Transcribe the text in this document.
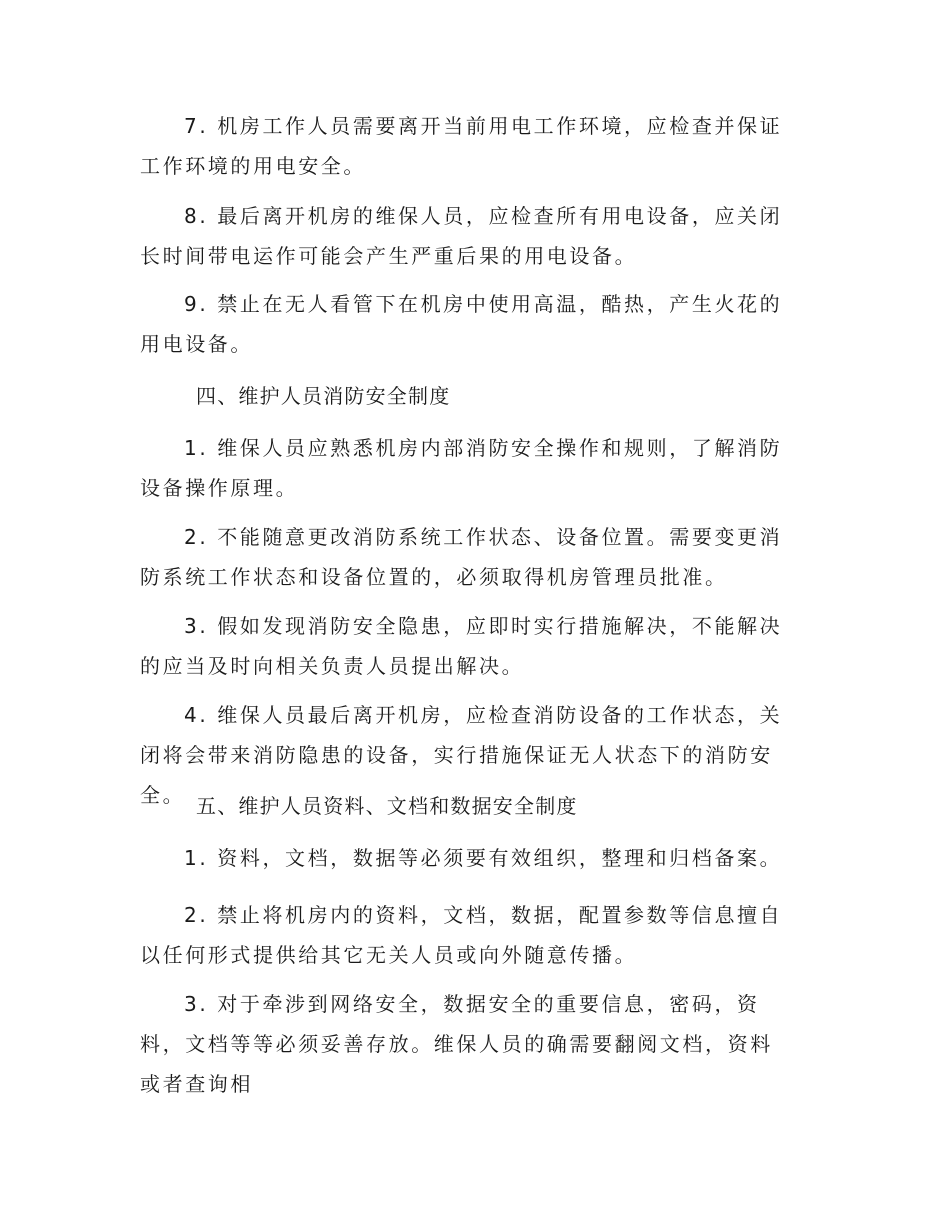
7. 机房工作人员需要离开当前用电工作环境，应检查并保证工作环境的用电安全。

8. 最后离开机房的维保人员，应检查所有用电设备，应关闭长时间带电运作可能会产生严重后果的用电设备。

9. 禁止在无人看管下在机房中使用高温，酷热，产生火花的用电设备。

四、维护人员消防安全制度

1. 维保人员应熟悉机房内部消防安全操作和规则，了解消防设备操作原理。

2. 不能随意更改消防系统工作状态、设备位置。需要变更消防系统工作状态和设备位置的，必须取得机房管理员批准。

3. 假如发现消防安全隐患，应即时实行措施解决，不能解决的应当及时向相关负责人员提出解决。

4. 维保人员最后离开机房，应检查消防设备的工作状态，关闭将会带来消防隐患的设备，实行措施保证无人状态下的消防安全。 五、维护人员资料、文档和数据安全制度

1. 资料，文档，数据等必须要有效组织，整理和归档备案。

2. 禁止将机房内的资料，文档，数据，配置参数等信息擅自以任何形式提供给其它无关人员或向外随意传播。

3. 对于牵涉到网络安全，数据安全的重要信息，密码，资料，文档等等必须妥善存放。维保人员的确需要翻阅文档，资料或者查询相
